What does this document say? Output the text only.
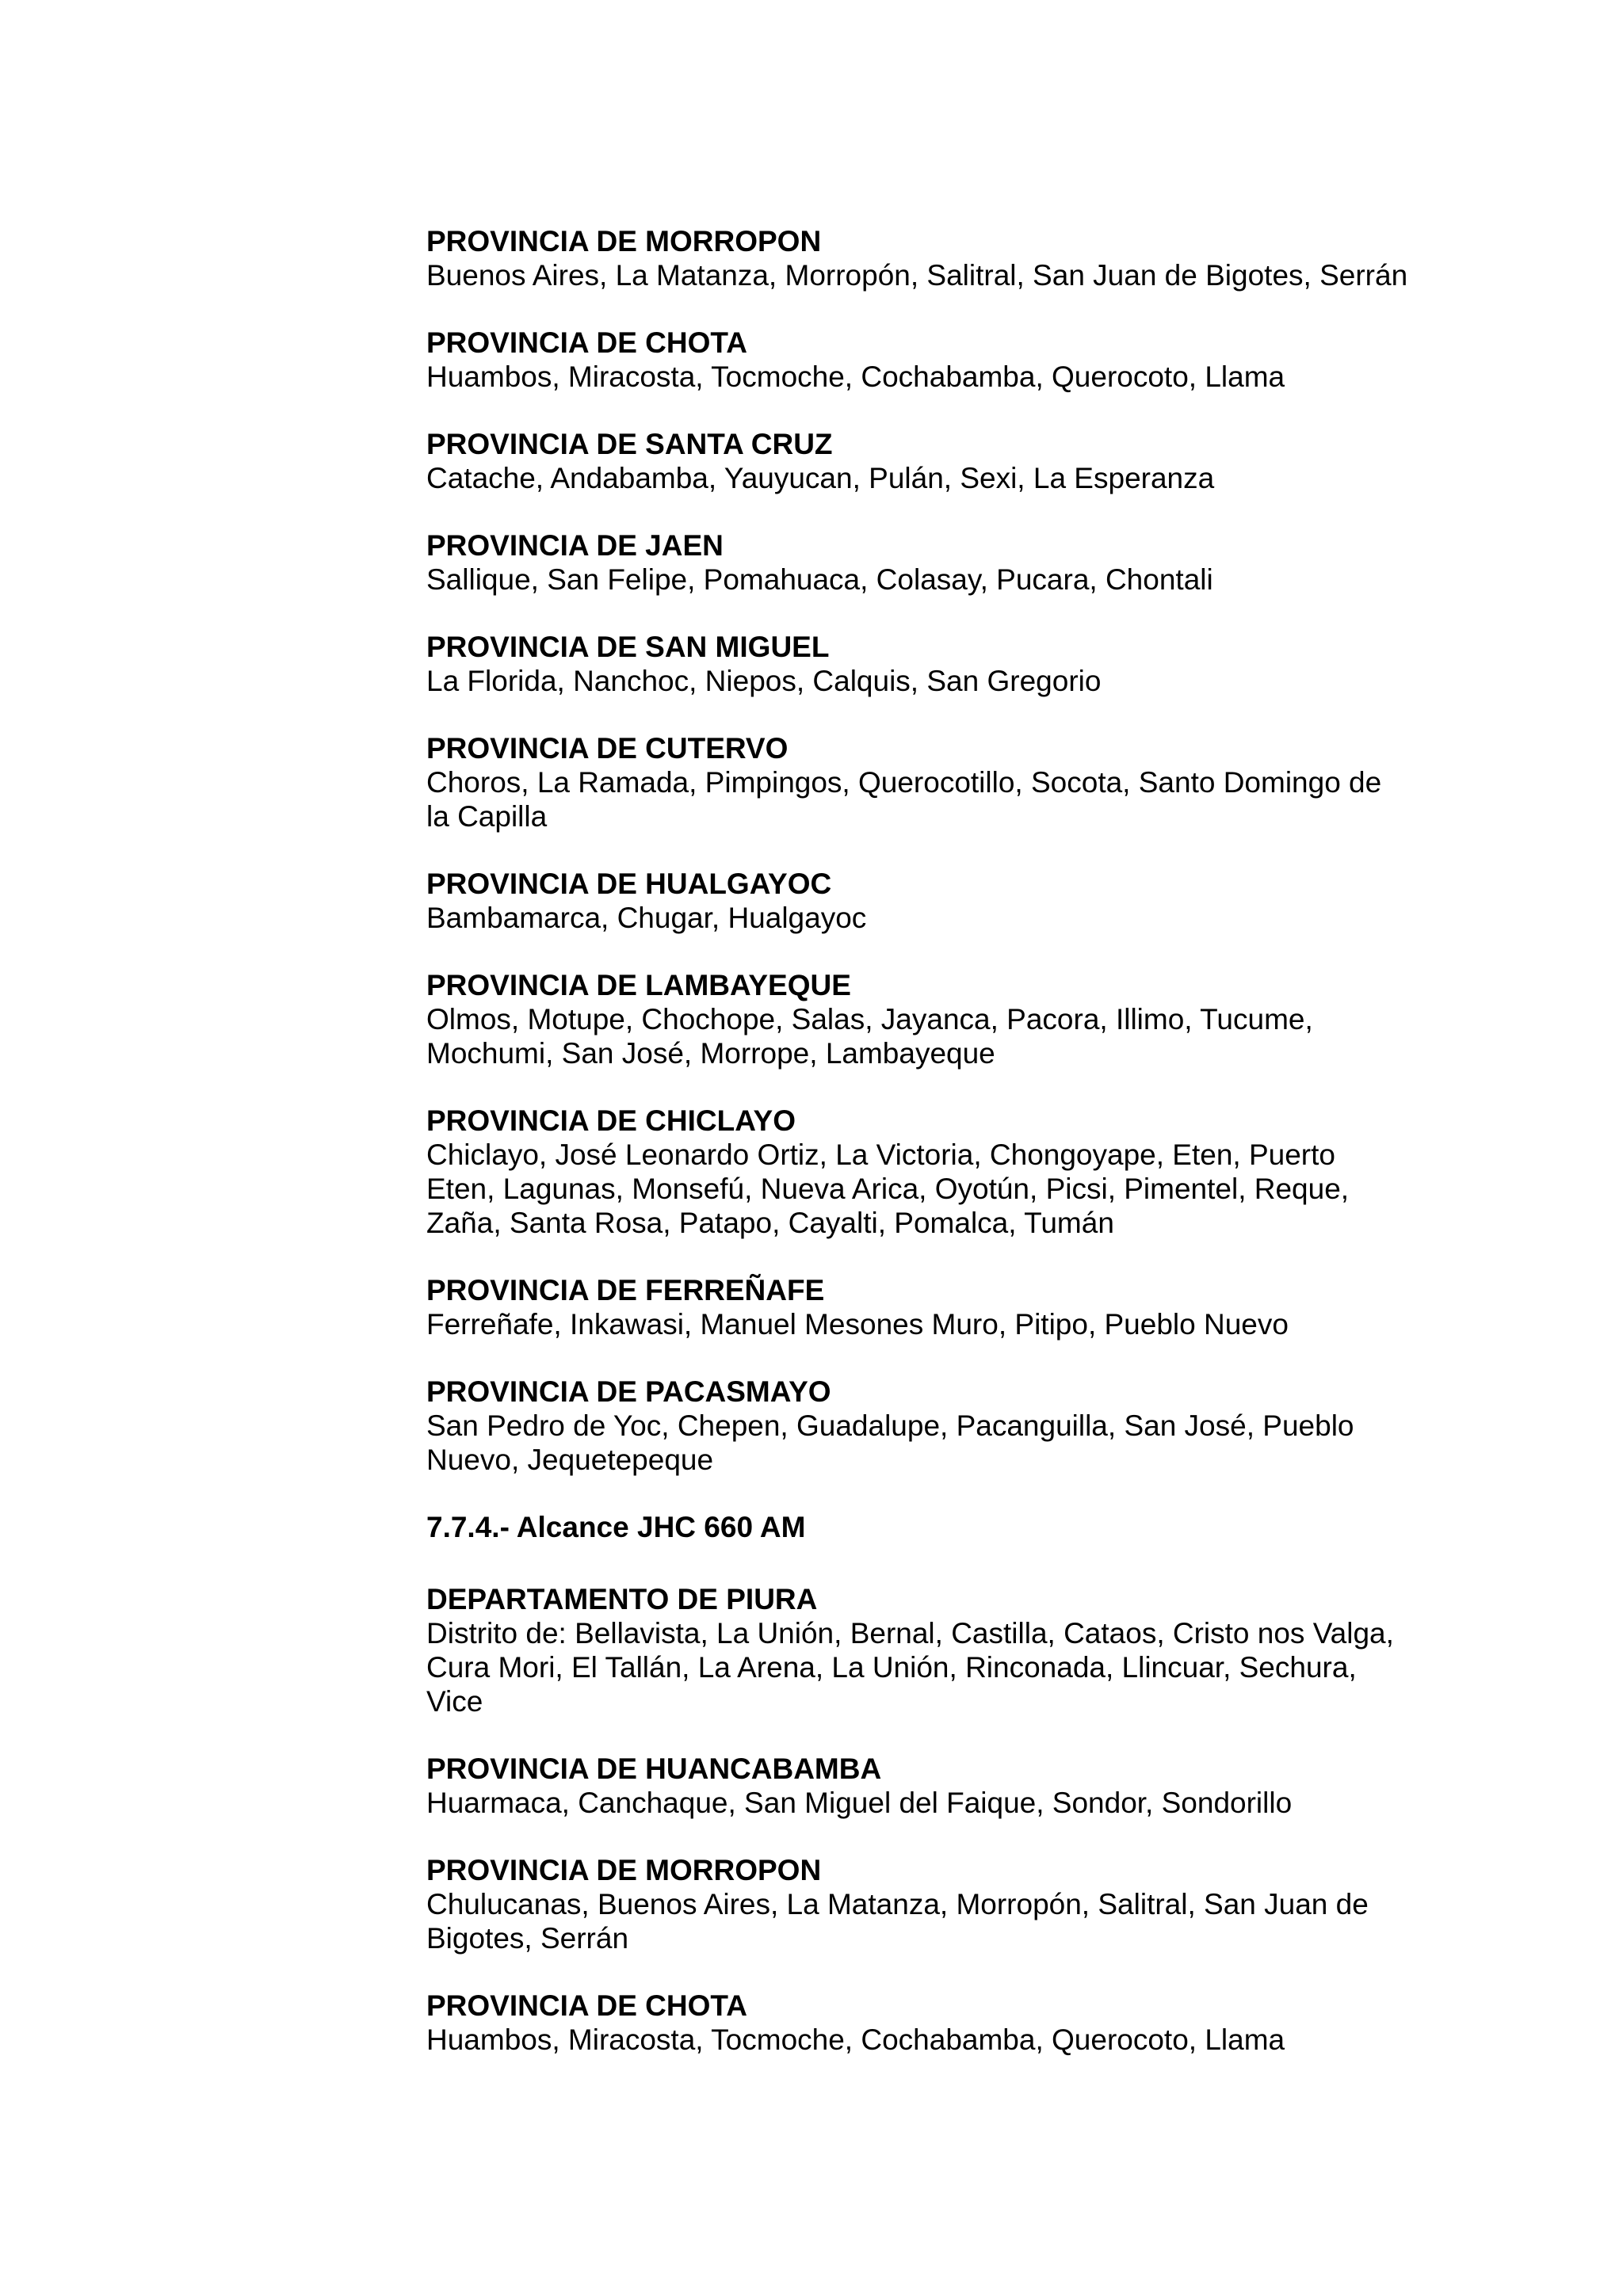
PROVINCIA DE MORROPON
Buenos Aires, La Matanza, Morropón, Salitral, San Juan de Bigotes, Serrán
PROVINCIA DE CHOTA
Huambos, Miracosta, Tocmoche, Cochabamba, Querocoto, Llama
PROVINCIA DE SANTA CRUZ
Catache, Andabamba, Yauyucan, Pulán, Sexi, La Esperanza
PROVINCIA DE JAEN
Sallique, San Felipe, Pomahuaca, Colasay, Pucara, Chontali
PROVINCIA DE SAN MIGUEL
La Florida, Nanchoc, Niepos, Calquis, San Gregorio
PROVINCIA DE CUTERVO
Choros, La Ramada, Pimpingos, Querocotillo, Socota, Santo Domingo de la Capilla
PROVINCIA DE HUALGAYOC
Bambamarca, Chugar, Hualgayoc
PROVINCIA DE LAMBAYEQUE
Olmos, Motupe, Chochope, Salas, Jayanca, Pacora, Illimo, Tucume, Mochumi, San José, Morrope, Lambayeque
PROVINCIA DE CHICLAYO
Chiclayo, José Leonardo Ortiz, La Victoria, Chongoyape, Eten, Puerto Eten, Lagunas, Monsefú, Nueva Arica, Oyotún, Picsi, Pimentel, Reque, Zaña, Santa Rosa, Patapo, Cayalti, Pomalca, Tumán
PROVINCIA DE FERREÑAFE
Ferreñafe, Inkawasi, Manuel Mesones Muro, Pitipo, Pueblo Nuevo
PROVINCIA DE PACASMAYO
San Pedro de Yoc, Chepen, Guadalupe, Pacanguilla, San José, Pueblo Nuevo, Jequetepeque
7.7.4.- Alcance JHC 660 AM
DEPARTAMENTO DE PIURA
Distrito de: Bellavista, La Unión, Bernal, Castilla, Cataos, Cristo nos Valga, Cura Mori, El Tallán, La Arena, La Unión, Rinconada, Llincuar, Sechura, Vice
PROVINCIA DE HUANCABAMBA
Huarmaca, Canchaque, San Miguel del Faique, Sondor, Sondorillo
PROVINCIA DE MORROPON
Chulucanas, Buenos Aires, La Matanza, Morropón, Salitral, San Juan de Bigotes, Serrán
PROVINCIA DE CHOTA
Huambos, Miracosta, Tocmoche, Cochabamba, Querocoto, Llama
